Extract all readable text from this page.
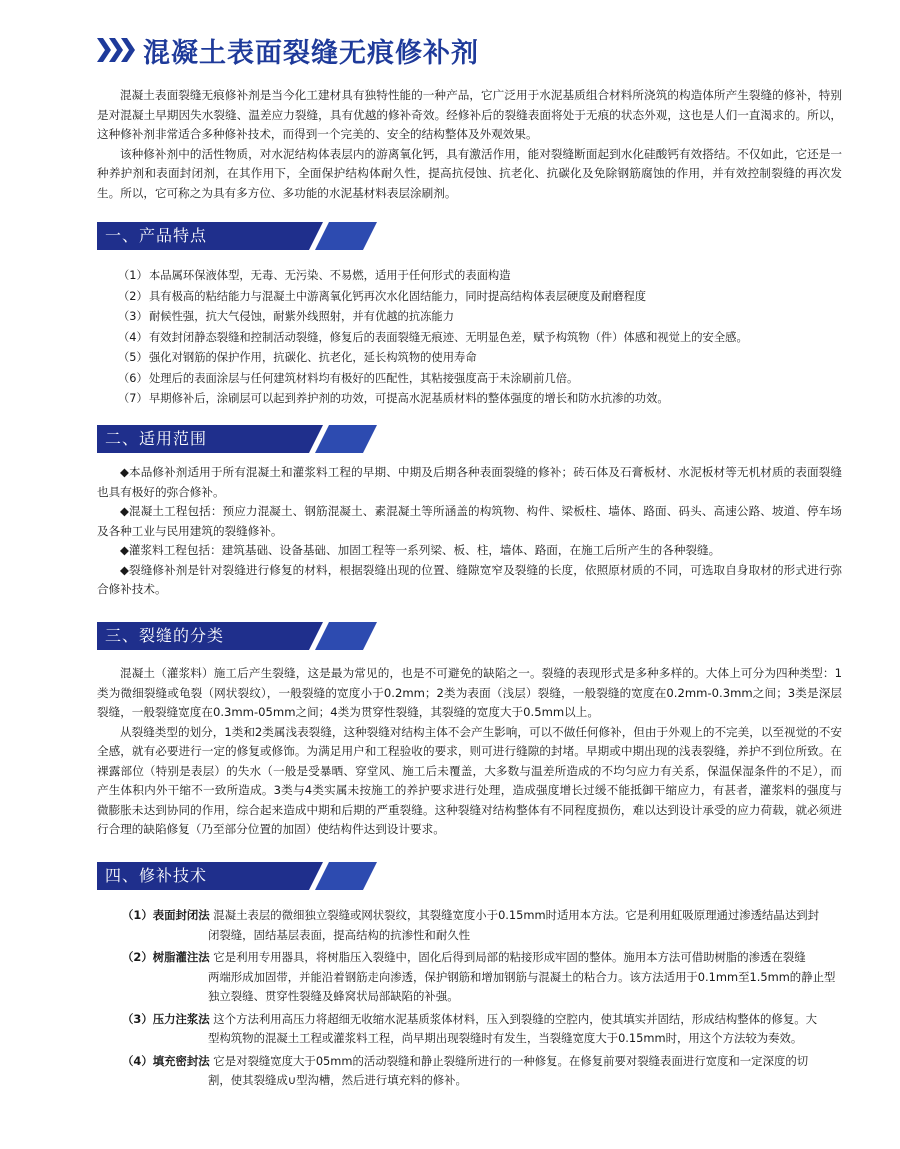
混凝土表面裂缝无痕修补剂

混凝土表面裂缝无痕修补剂是当今化工建材具有独特性能的一种产品，它广泛用于水泥基质组合材料所浇筑的构造体所产生裂缝的修补，特别是对混凝土早期因失水裂缝、温差应力裂缝，具有优越的修补奇效。经修补后的裂缝表面将处于无痕的状态外观，这也是人们一直渴求的。所以，这种修补剂非常适合多种修补技术，而得到一个完美的、安全的结构整体及外观效果。

该种修补剂中的活性物质，对水泥结构体表层内的游离氧化钙，具有激活作用，能对裂缝断面起到水化硅酸钙有效搭结。不仅如此，它还是一种养护剂和表面封闭剂，在其作用下，全面保护结构体耐久性，提高抗侵蚀、抗老化、抗碳化及免除钢筋腐蚀的作用，并有效控制裂缝的再次发生。所以，它可称之为具有多方位、多功能的水泥基材料表层涂刷剂。

一、产品特点
（1） 本品属环保液体型，无毒、无污染、不易燃，适用于任何形式的表面构造
（2） 具有极高的粘结能力与混凝土中游离氧化钙再次水化固结能力，同时提高结构体表层硬度及耐磨程度
（3） 耐候性强，抗大气侵蚀，耐紫外线照射，并有优越的抗冻能力
（4） 有效封闭静态裂缝和控制活动裂缝，修复后的表面裂缝无痕迹、无明显色差，赋予构筑物（件）体感和视觉上的安全感。
（5） 强化对钢筋的保护作用，抗碳化、抗老化，延长构筑物的使用寿命
（6） 处理后的表面涂层与任何建筑材料均有极好的匹配性，其粘接强度高于未涂刷前几倍。
（7） 早期修补后，涂刷层可以起到养护剂的功效，可提高水泥基质材料的整体强度的增长和防水抗渗的功效。
二、适用范围

◆本品修补剂适用于所有混凝土和灌浆料工程的早期、中期及后期各种表面裂缝的修补；砖石体及石膏板材、水泥板材等无机材质的表面裂缝也具有极好的弥合修补。

◆混凝土工程包括：预应力混凝土、钢筋混凝土、素混凝土等所涵盖的构筑物、构件、梁板柱、墙体、路面、码头、高速公路、坡道、停车场及各种工业与民用建筑的裂缝修补。

◆灌浆料工程包括：建筑基础、设备基础、加固工程等一系列梁、板、柱，墙体、路面，在施工后所产生的各种裂缝。

◆裂缝修补剂是针对裂缝进行修复的材料，根据裂缝出现的位置、缝隙宽窄及裂缝的长度，依照原材质的不同，可选取自身取材的形式进行弥合修补技术。

三、裂缝的分类

混凝土（灌浆料）施工后产生裂缝，这是最为常见的，也是不可避免的缺陷之一。裂缝的表现形式是多种多样的。大体上可分为四种类型：1类为微细裂缝或龟裂（网状裂纹），一般裂缝的宽度小于0.2mm；2类为表面（浅层）裂缝，一般裂缝的宽度在0.2mm-0.3mm之间；3类是深层裂缝，一般裂缝宽度在0.3mm-05mm之间；4类为贯穿性裂缝，其裂缝的宽度大于0.5mm以上。

从裂缝类型的划分，1类和2类属浅表裂缝，这种裂缝对结构主体不会产生影响，可以不做任何修补，但由于外观上的不完美，以至视觉的不安全感，就有必要进行一定的修复或修饰。为满足用户和工程验收的要求，则可进行缝隙的封堵。早期或中期出现的浅表裂缝，养护不到位所致。在裸露部位（特别是表层）的失水（一般是受暴晒、穿堂风、施工后未覆盖，大多数与温差所造成的不均匀应力有关系，保温保湿条件的不足），而产生体积内外干缩不一致所造成。3类与4类实属未按施工的养护要求进行处理，造成强度增长过缓不能抵御干缩应力，有甚者，灌浆料的强度与微膨胀未达到协同的作用，综合起来造成中期和后期的严重裂缝。这种裂缝对结构整体有不同程度损伤，难以达到设计承受的应力荷载，就必须进行合理的缺陷修复（乃至部分位置的加固）使结构件达到设计要求。

四、修补技术
（1）表面封闭法 混凝土表层的微细独立裂缝或网状裂纹，其裂缝宽度小于0.15mm时适用本方法。它是利用虹吸原理通过渗透结晶达到封
闭裂缝，固结基层表面，提高结构的抗渗性和耐久性
（2）树脂灌注法 它是利用专用器具，将树脂压入裂缝中，固化后得到局部的粘接形成牢固的整体。施用本方法可借助树脂的渗透在裂缝
两端形成加固带，并能沿着钢筋走向渗透，保护钢筋和增加钢筋与混凝土的粘合力。该方法适用于0.1mm至1.5mm的静止型
独立裂缝、贯穿性裂缝及蜂窝状局部缺陷的补强。
（3）压力注浆法 这个方法利用高压力将超细无收缩水泥基质浆体材料，压入到裂缝的空腔内，使其填实并固结，形成结构整体的修复。大
型构筑物的混凝土工程或灌浆料工程，尚早期出现裂缝时有发生，当裂缝宽度大于0.15mm时，用这个方法较为奏效。
（4）填充密封法 它是对裂缝宽度大于05mm的活动裂缝和静止裂缝所进行的一种修复。在修复前要对裂缝表面进行宽度和一定深度的切
割，使其裂缝成∪型沟槽，然后进行填充料的修补。
